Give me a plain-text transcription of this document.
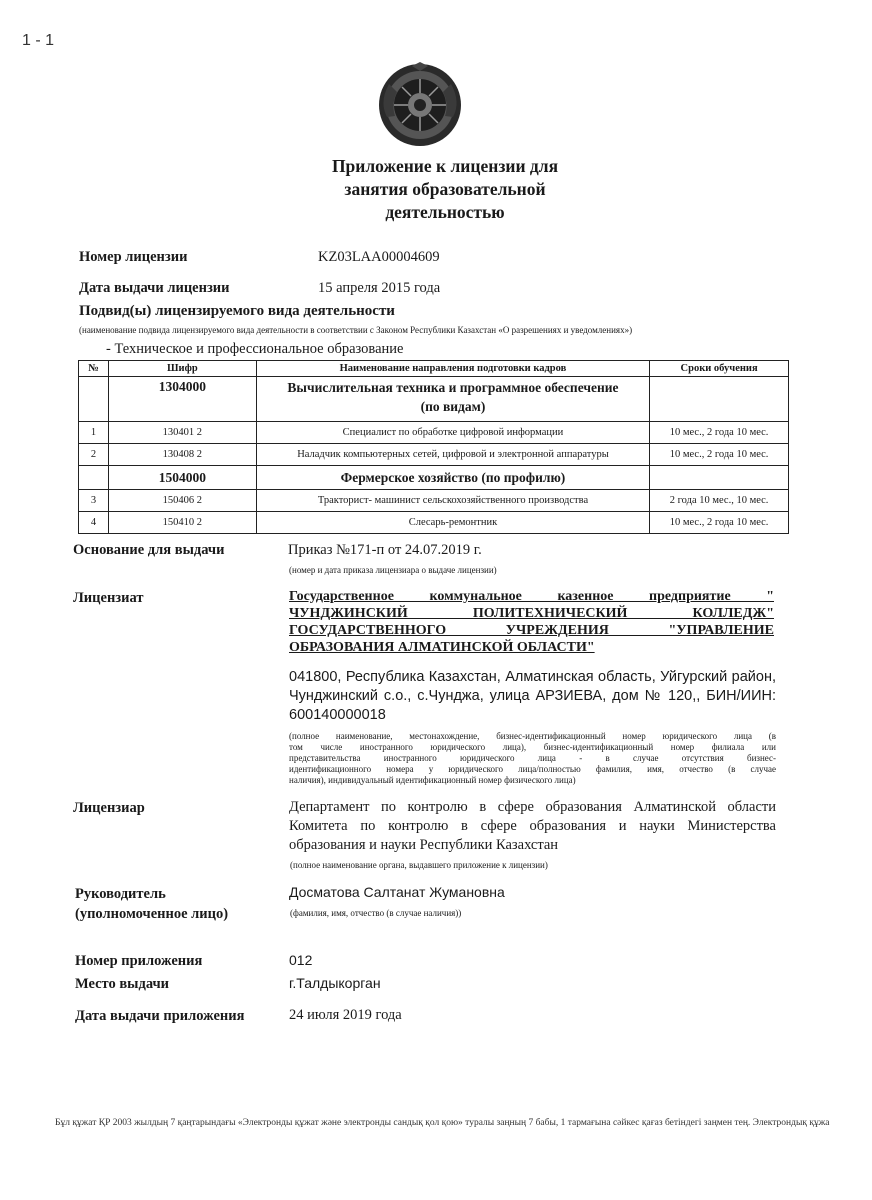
1 - 1
Приложение к лицензии для
занятия образовательной
деятельностью
Номер лицензии	KZ03LAA00004609
Дата выдачи лицензии	15 апреля 2015 года
Подвид(ы) лицензируемого вида деятельности
(наименование подвида лицензируемого вида деятельности в соответствии с Законом Республики Казахстан «О разрешениях и уведомлениях»)
- Техническое и профессиональное образование
№	Шифр	Наименование направления подготовки кадров	Сроки обучения
	1304000	Вычислительная техника и программное обеспечение
(по видам)	

1	130401 2	Специалист по обработке цифровой информации	10 мес., 2 года 10 мес.
2	130408 2	Наладчик компьютерных сетей, цифровой и электронной аппаратуры	10 мес., 2 года 10 мес.
	1504000	Фермерское хозяйство (по профилю)	
3	150406 2	Тракторист- машинист сельскохозяйственного производства	2 года 10 мес., 10 мес.
4	150410 2	Слесарь-ремонтник	10 мес., 2 года 10 мес.
Основание для выдачи	Приказ №171-п от 24.07.2019 г.
(номер и дата приказа лицензиара о выдаче лицензии)
Лицензиат	Государственное коммунальное казенное предприятие "
ЧУНДЖИНСКИЙ ПОЛИТЕХНИЧЕСКИЙ КОЛЛЕДЖ"
ГОСУДАРСТВЕННОГО УЧРЕЖДЕНИЯ "УПРАВЛЕНИЕ
ОБРАЗОВАНИЯ АЛМАТИНСКОЙ ОБЛАСТИ"
041800, Республика Казахстан, Алматинская область, Уйгурский район,
Чунджинский с.о., с.Чунджа, улица АРЗИЕВА, дом № 120,, БИН/ИИН:
600140000018
(полное наименование, местонахождение, бизнес-идентификационный номер юридического лица (в
том числе иностранного юридического лица), бизнес-идентификационный номер филиала или
представительства иностранного юридического лица - в случае отсутствия бизнес-
идентификационного номера у юридического лица/полностью фамилия, имя, отчество (в случае
наличия), индивидуальный идентификационный номер физического лица)
Лицензиар	Департамент по контролю в сфере образования Алматинской области
Комитета по контролю в сфере образования и науки Министерства
образования и науки Республики Казахстан
(полное наименование органа, выдавшего приложение к лицензии)
Руководитель
(уполномоченное лицо)
Досматова Салтанат Жумановна
(фамилия, имя, отчество (в случае наличия))
Номер приложения	012
Место выдачи	г.Талдыкорган
Дата выдачи приложения	24 июля 2019 года
Бұл құжат ҚР 2003 жылдың 7 қаңтарындағы «Электронды құжат және электронды сандық қол қою» туралы заңның 7 бабы, 1 тармағына сәйкес қағаз бетіндегі заңмен тең. Электрондық құжа
